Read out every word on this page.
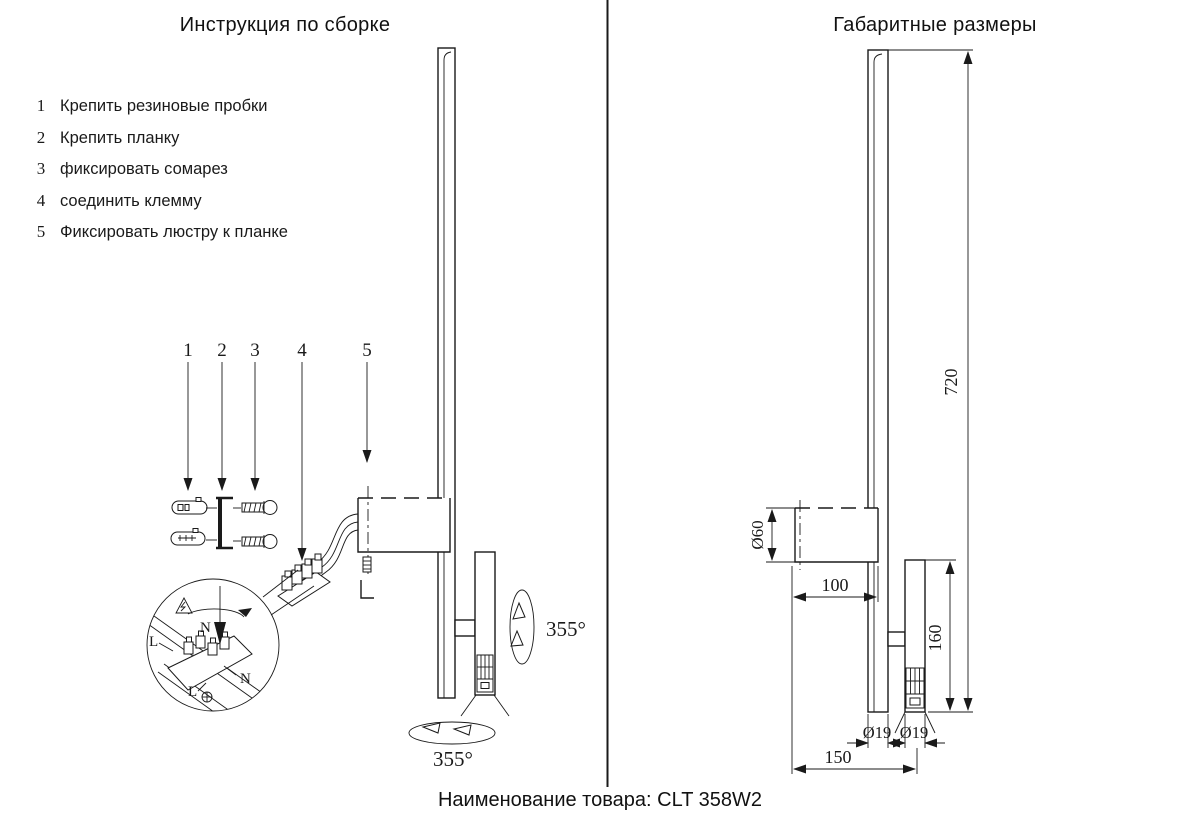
Инструкция по сборке
1 Крепить резиновые пробки
2 Крепить планку
3 фиксировать сомарез
4 соединить клемму
5 Фиксировать люстру к планке
Габаритные размеры
1 2 3 4	5
N
L
N
L
355°
355°
720
Ø60
100
160
Ø19 Ø19
150
Наименование товара: CLT 358W2
